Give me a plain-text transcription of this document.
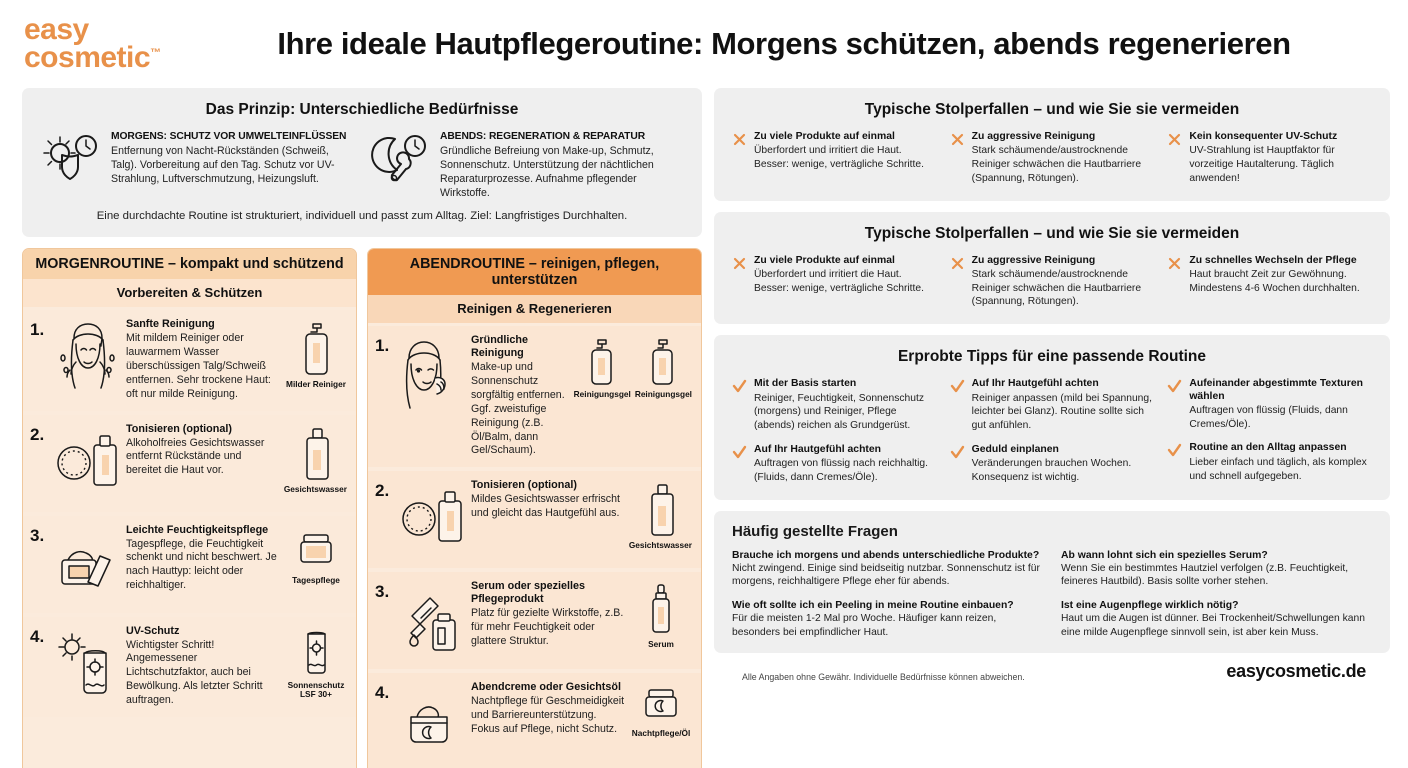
easy
cosmetic™	Ihre ideale Hautpflegeroutine: Morgens schützen, abends regenerieren
Das Prinzip: Unterschiedliche Bedürfnisse
MORGENS: SCHUTZ VOR UMWELTEINFLÜSSEN
Entfernung von Nacht-Rückständen (Schweiß, Talg). Vorbereitung auf den Tag. Schutz vor UV-Strahlung, Luftverschmutzung, Heizungsluft.
ABENDS: REGENERATION & REPARATUR
Gründliche Befreiung von Make-up, Schmutz, Sonnenschutz. Unterstützung der nächtlichen Reparaturprozesse. Aufnahme pflegender Wirkstoffe.
Eine durchdachte Routine ist strukturiert, individuell und passt zum Alltag. Ziel: Langfristiges Durchhalten.
MORGENROUTINE – kompakt und schützend
Vorbereiten & Schützen
1.	Sanfte Reinigung
Mit mildem Reiniger oder lauwarmem Wasser überschüssigen Talg/Schweiß entfernen. Sehr trockene Haut: oft nur milde Reinigung.
Milder Reiniger
2.	Tonisieren (optional)
Alkoholfreies Gesichtswasser entfernt Rückstände und bereitet die Haut vor.
Gesichtswasser
3.	Leichte Feuchtigkeitspflege
Tagespflege, die Feuchtigkeit schenkt und nicht beschwert. Je nach Hauttyp: leicht oder reichhaltiger.	Tagespflege
4.	UV-Schutz
Wichtigster Schritt! Angemessener Lichtschutzfaktor, auch bei Bewölkung. Als letzter Schritt auftragen.
Sonnenschutz LSF 30+
ABENDROUTINE – reinigen, pflegen, unterstützen
Reinigen & Regenerieren
1.	Gründliche Reinigung
Make-up und Sonnenschutz sorgfältig entfernen. Ggf. zweistufige Reinigung (z.B. Öl/Balm, dann Gel/Schaum).
Reinigungsgel Reinigungsgel
2.	Tonisieren (optional)
Mildes Gesichtswasser erfrischt und gleicht das Hautgefühl aus.
Gesichtswasser
3.	Serum oder spezielles Pflegeprodukt
Platz für gezielte Wirkstoffe, z.B. für mehr Feuchtigkeit oder glattere Struktur.	Serum
4.	Abendcreme oder Gesichtsöl
Nachtpflege für Geschmeidigkeit und Barriereunterstützung. Fokus auf Pflege, nicht Schutz.	Nachtpflege/Öl
Typische Stolperfallen – und wie Sie sie vermeiden
Zu viele Produkte auf einmal
Überfordert und irritiert die Haut. Besser: wenige, verträgliche Schritte.
Zu aggressive Reinigung
Stark schäumende/austrocknende Reiniger schwächen die Hautbarriere (Spannung, Rötungen).
Kein konsequenter UV-Schutz
UV-Strahlung ist Hauptfaktor für vorzeitige Hautalterung. Täglich anwenden!
Typische Stolperfallen – und wie Sie sie vermeiden
Zu viele Produkte auf einmal
Überfordert und irritiert die Haut. Besser: wenige, verträgliche Schritte.
Zu aggressive Reinigung
Stark schäumende/austrocknende Reiniger schwächen die Hautbarriere (Spannung, Rötungen).
Zu schnelles Wechseln der Pflege
Haut braucht Zeit zur Gewöhnung. Mindestens 4-6 Wochen durchhalten.
Erprobte Tipps für eine passende Routine
Mit der Basis starten
Reiniger, Feuchtigkeit, Sonnenschutz (morgens) und Reiniger, Pflege (abends) reichen als Grundgerüst.
Auf Ihr Hautgefühl achten
Auftragen von flüssig nach reichhaltig. (Fluids, dann Cremes/Öle).
Auf Ihr Hautgefühl achten
Reiniger anpassen (mild bei Spannung, leichter bei Glanz). Routine sollte sich gut anfühlen.
Geduld einplanen
Veränderungen brauchen Wochen. Konsequenz ist wichtig.
Aufeinander abgestimmte Texturen wählen
Auftragen von flüssig (Fluids, dann Cremes/Öle).
Routine an den Alltag anpassen
Lieber einfach und täglich, als komplex und schnell aufgegeben.
Häufig gestellte Fragen
Brauche ich morgens und abends unterschiedliche Produkte?
Nicht zwingend. Einige sind beidseitig nutzbar. Sonnenschutz ist für morgens, reichhaltigere Pflege eher für abends.
Wie oft sollte ich ein Peeling in meine Routine einbauen?
Für die meisten 1-2 Mal pro Woche. Häufiger kann reizen, besonders bei empfindlicher Haut.
Ab wann lohnt sich ein spezielles Serum?
Wenn Sie ein bestimmtes Hautziel verfolgen (z.B. Feuchtigkeit, feineres Hautbild). Basis sollte vorher stehen.
Ist eine Augenpflege wirklich nötig?
Haut um die Augen ist dünner. Bei Trockenheit/Schwellungen kann eine milde Augenpflege sinnvoll sein, ist aber kein Muss.
Alle Angaben ohne Gewähr. Individuelle Bedürfnisse können abweichen.	easycosmetic.de
